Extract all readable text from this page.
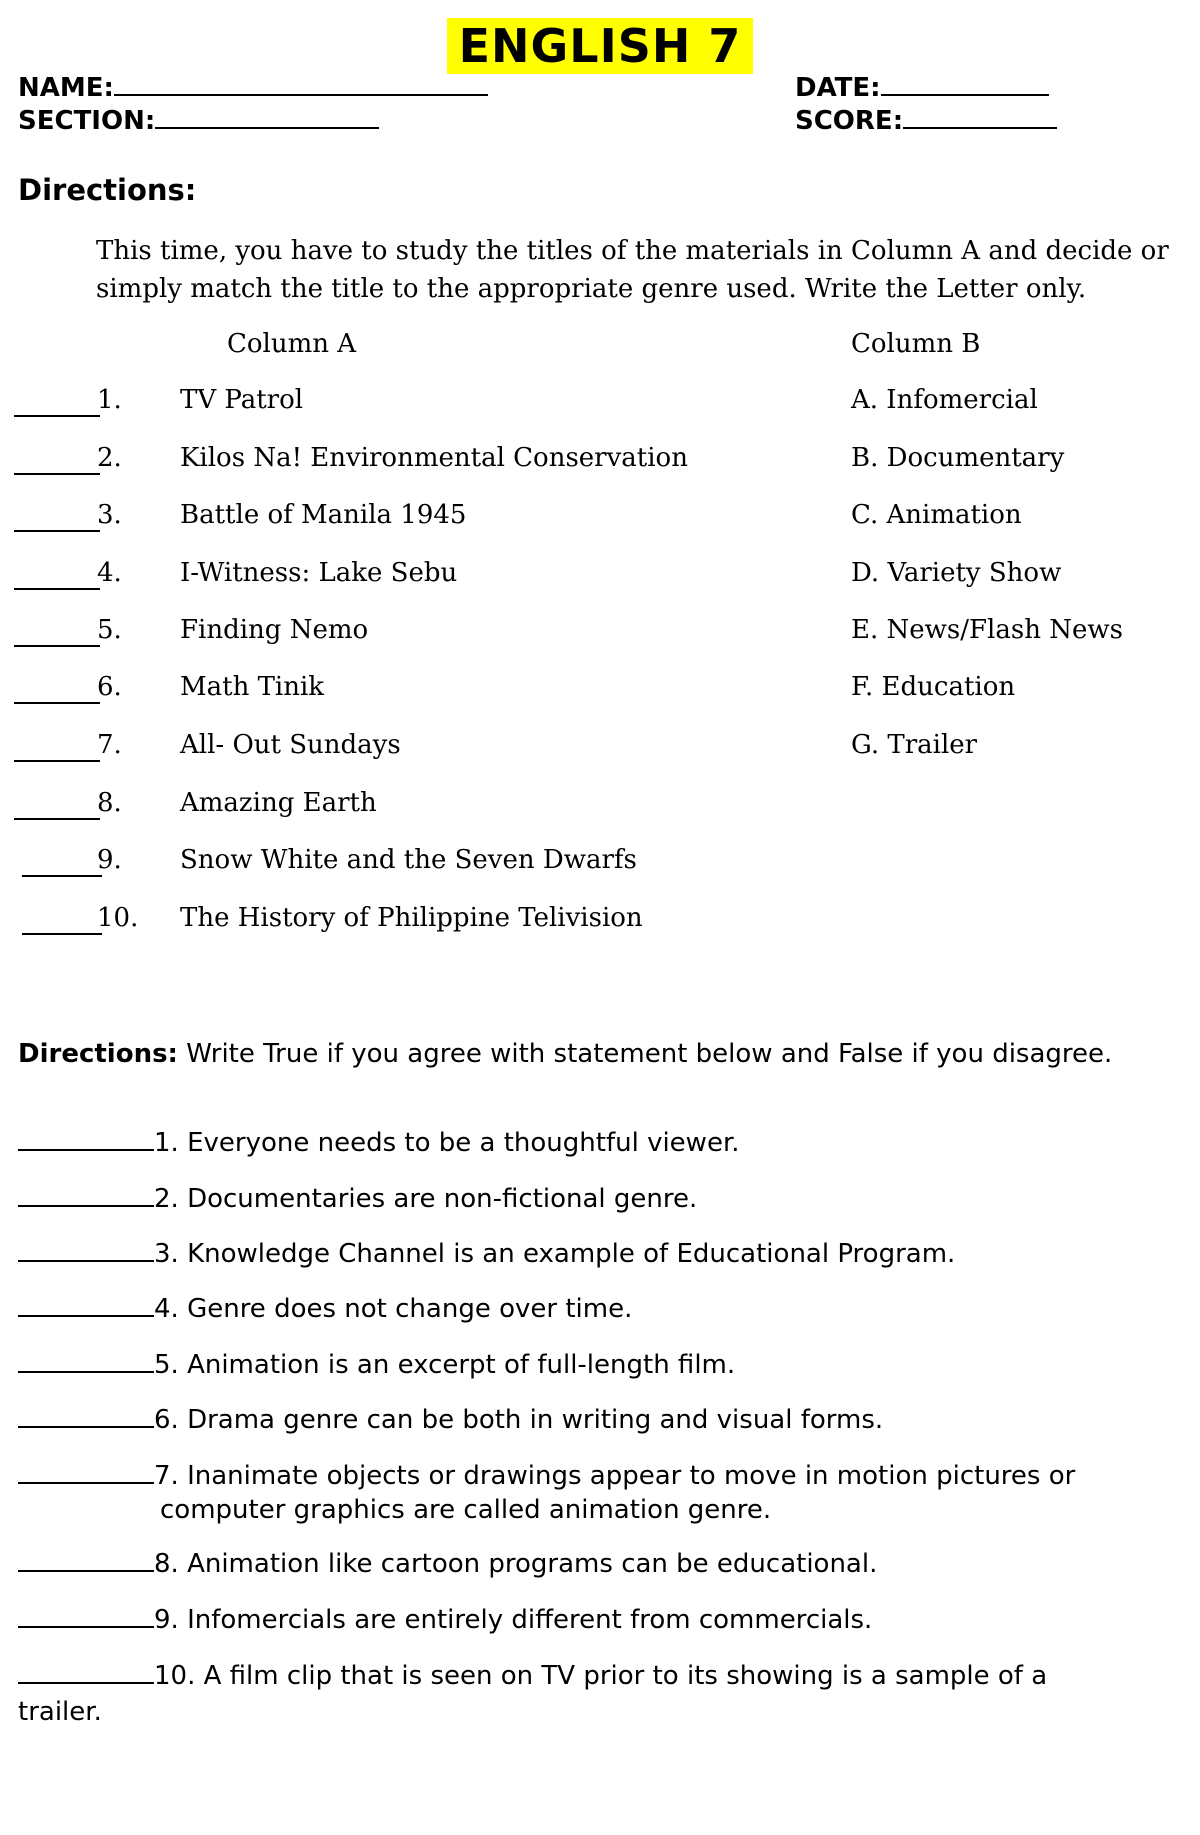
ENGLISH 7
NAME:	DATE:
SECTION:	SCORE:
Directions:
This time, you have to study the titles of the materials in Column A and decide or simply match the title to the appropriate genre used. Write the Letter only.
Column A	Column B
1. TV Patrol	A. Infomercial
2. Kilos Na! Environmental Conservation	B. Documentary
3. Battle of Manila 1945	C. Animation
4. I-Witness: Lake Sebu	D. Variety Show
5. Finding Nemo	E. News/Flash News
6. Math Tinik	F. Education
7. All- Out Sundays	G. Trailer
8. Amazing Earth
9. Snow White and the Seven Dwarfs
10. The History of Philippine Telivision
Directions: Write True if you agree with statement below and False if you disagree.
1. Everyone needs to be a thoughtful viewer.
2. Documentaries are non-fictional genre.
3. Knowledge Channel is an example of Educational Program.
4. Genre does not change over time.
5. Animation is an excerpt of full-length film.
6. Drama genre can be both in writing and visual forms.
7. Inanimate objects or drawings appear to move in motion pictures or
computer graphics are called animation genre.
8. Animation like cartoon programs can be educational.
9. Infomercials are entirely different from commercials.
10. A film clip that is seen on TV prior to its showing is a sample of a
trailer.
